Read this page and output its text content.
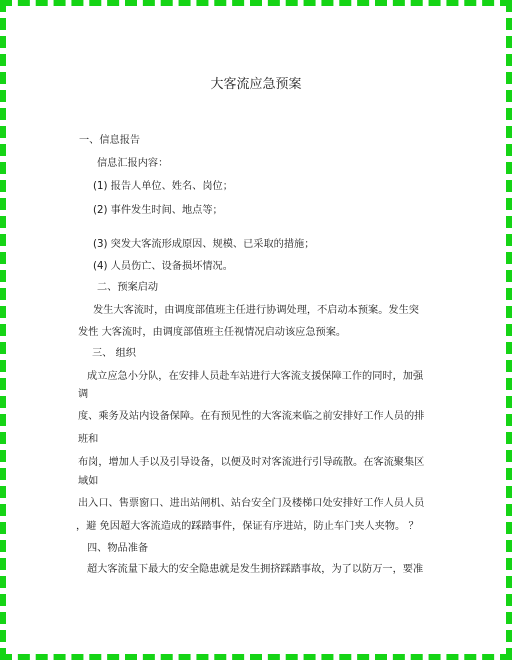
大客流应急预案
一、信息报告
信息汇报内容：
(1) 报告人单位、姓名、岗位；
(2) 事件发生时间、地点等；
(3) 突发大客流形成原因、规模、已采取的措施；
(4) 人员伤亡、设备损坏情况。
二、预案启动
发生大客流时，由调度部值班主任进行协调处理，不启动本预案。发生突
发性 大客流时，由调度部值班主任视情况启动该应急预案。
三、 组织
成立应急小分队，在安排人员赴车站进行大客流支援保障工作的同时，加强
调
度、乘务及站内设备保障。在有预见性的大客流来临之前安排好工作人员的排
班和
布岗，增加人手以及引导设备，以便及时对客流进行引导疏散。在客流聚集区
域如
出入口、售票窗口、进出站闸机、站台安全门及楼梯口处安排好工作人员人员
，避 免因超大客流造成的踩踏事件，保证有序进站，防止车门夹人夹物。 ？
四、物品准备
超大客流量下最大的安全隐患就是发生拥挤踩踏事故，为了以防万一，要准
